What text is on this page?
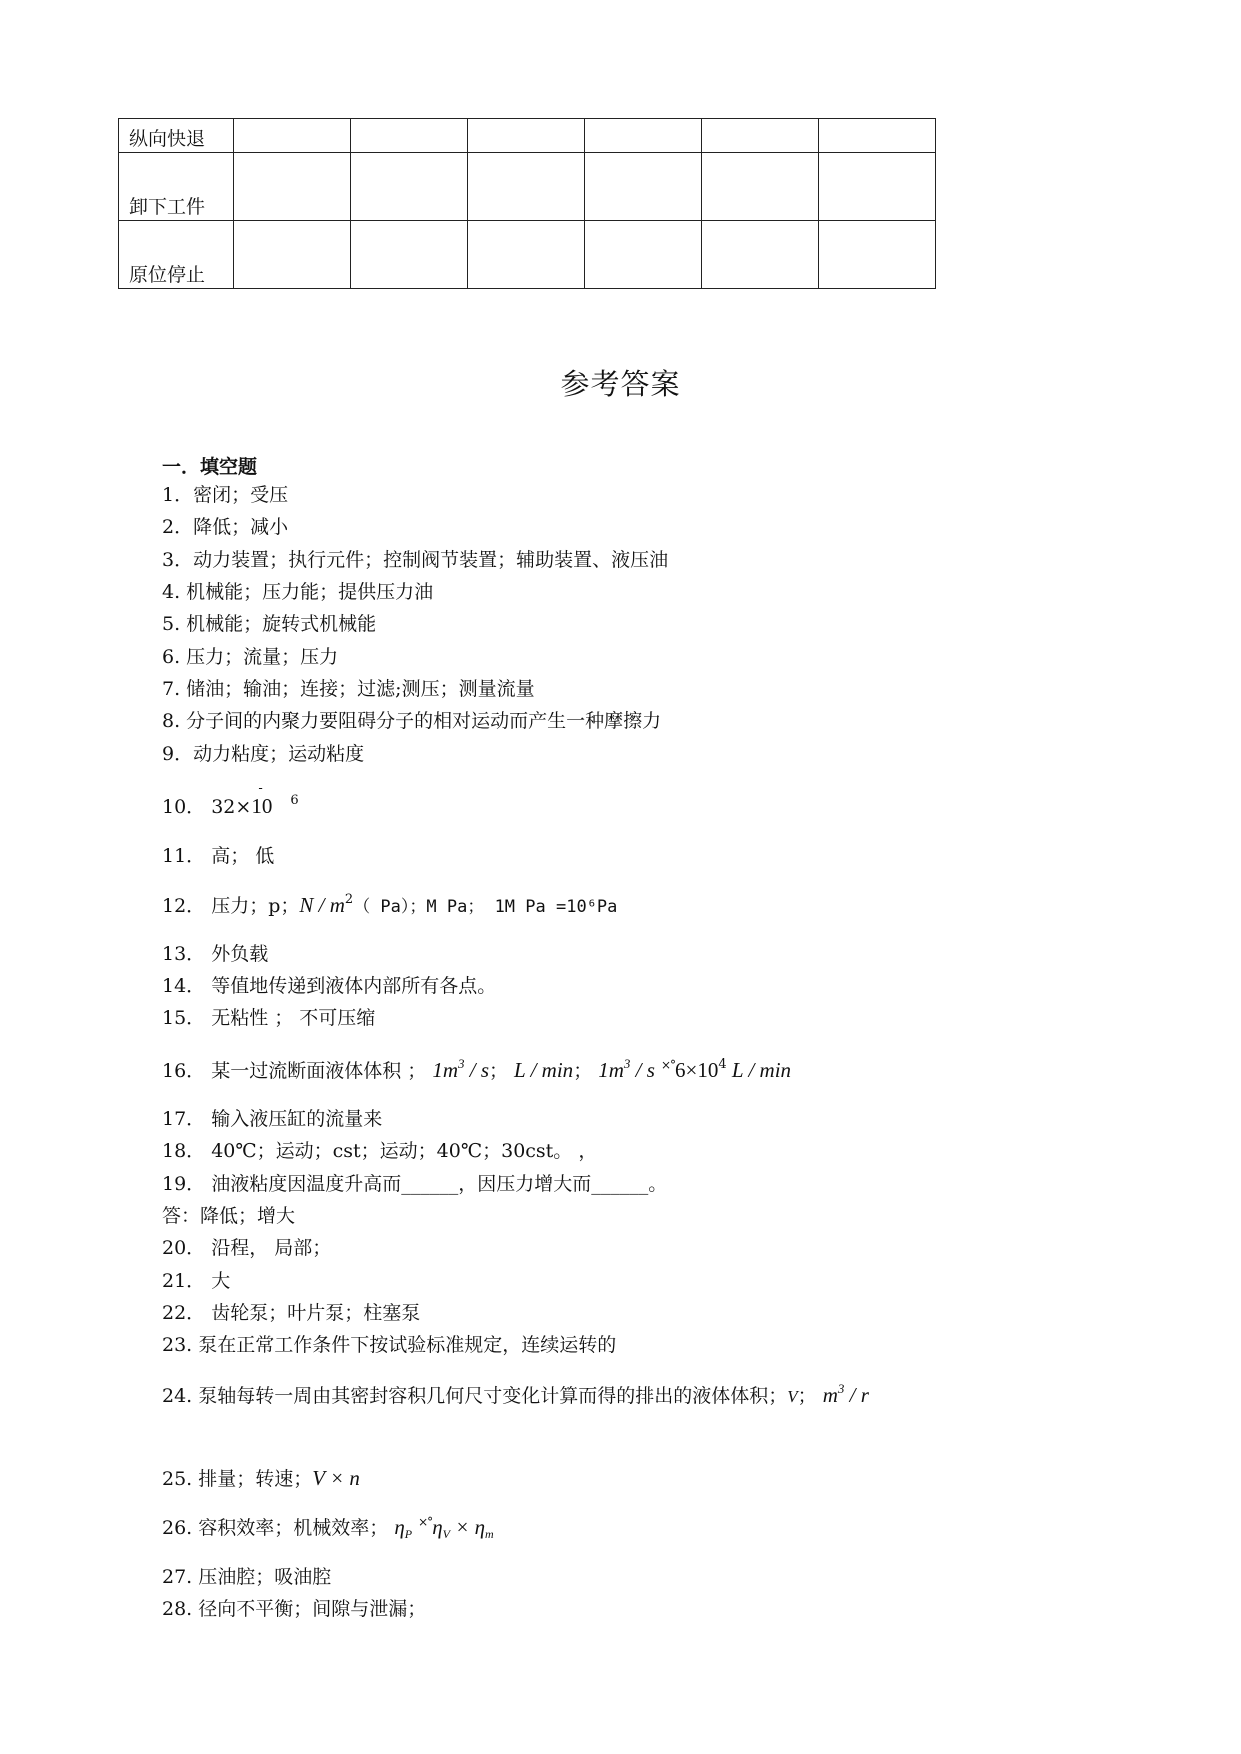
纵向快退						
卸下工件						
原位停止						
参考答案
一．填空题
1．密闭；受压
2．降低；减小
3．动力装置；执行元件；控制阀节装置；辅助装置、液压油
4. 机械能；压力能；提供压力油
5. 机械能；旋转式机械能
6. 压力；流量；压力
7. 储油；输油；连接；过滤;测压；测量流量
8. 分子间的内聚力要阻碍分子的相对运动而产生一种摩擦力
9．动力粘度；运动粘度
10． 32×10
-
$^6$
11． 高； 低
12． 压力；p；N / $m^2$（ Pa）；M Pa； 1M Pa =10⁶Pa
13． 外负载
14． 等值地传递到液体内部所有各点。
15． 无粘性 ； 不可压缩
16． 某一过流断面液体体积 ； $1m^3$ / s； L / min； $1m^3$ / s $^{\times^\circ}6\times 10^4$ L / min
17． 输入液压缸的流量来
18． 40℃；运动；cst；运动；40℃；30cst。 ，
19． 油液粘度因温度升高而______，因压力增大而______。
答：降低；增大
20． 沿程， 局部；
21． 大
22． 齿轮泵；叶片泵；柱塞泵
23. 泵在正常工作条件下按试验标准规定，连续运转的
24. 泵轴每转一周由其密封容积几何尺寸变化计算而得的排出的液体体积；V； $m^3$ / r
25. 排量；转速；V × n
26. 容积效率；机械效率； $\eta_P$ $^{\times^\circ}\eta_V \times \eta_m$
27. 压油腔；吸油腔
28. 径向不平衡；间隙与泄漏；
